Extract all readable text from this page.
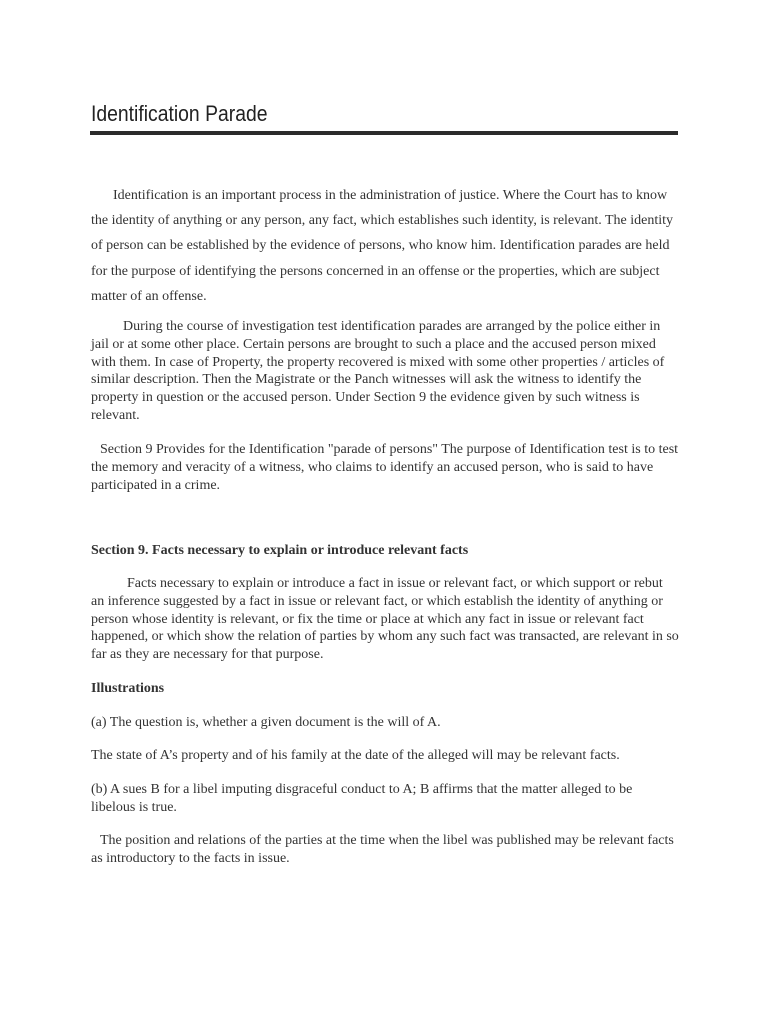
Identification Parade

Identification is an important process in the administration of justice. Where the Court has to know the identity of anything or any person, any fact, which establishes such identity, is relevant. The identity of person can be established by the evidence of persons, who know him. Identification parades are held for the purpose of identifying the persons concerned in an offense or the properties, which are subject matter of an offense.

During the course of investigation test identification parades are arranged by the police either in jail or at some other place. Certain persons are brought to such a place and the accused person mixed with them. In case of Property, the property recovered is mixed with some other properties / articles of similar description. Then the Magistrate or the Panch witnesses will ask the witness to identify the property in question or the accused person. Under Section 9 the evidence given by such witness is relevant.

Section 9 Provides for the Identification "parade of persons" The purpose of Identification test is to test the memory and veracity of a witness, who claims to identify an accused person, who is said to have participated in a crime.

Section 9. Facts necessary to explain or introduce relevant facts

Facts necessary to explain or introduce a fact in issue or relevant fact, or which support or rebut an inference suggested by a fact in issue or relevant fact, or which establish the identity of anything or person whose identity is relevant, or fix the time or place at which any fact in issue or relevant fact happened, or which show the relation of parties by whom any such fact was transacted, are relevant in so far as they are necessary for that purpose.

Illustrations

(a) The question is, whether a given document is the will of A.

The state of A’s property and of his family at the date of the alleged will may be relevant facts.

(b) A sues B for a libel imputing disgraceful conduct to A; B affirms that the matter alleged to be libelous is true.

The position and relations of the parties at the time when the libel was published may be relevant facts as introductory to the facts in issue.
